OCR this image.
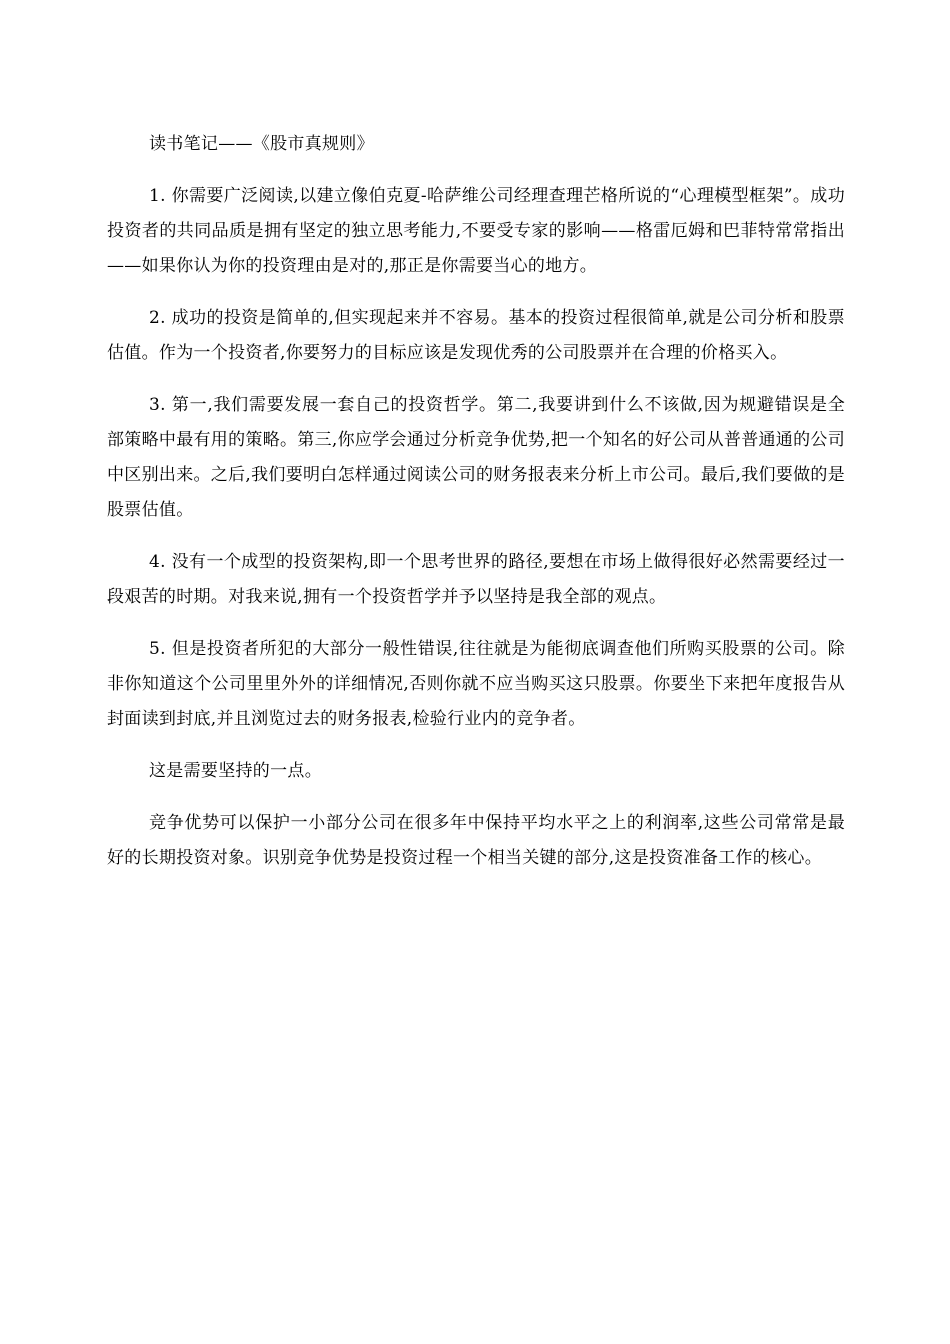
读书笔记——《股市真规则》

1. 你需要广泛阅读,以建立像伯克夏-哈萨维公司经理查理芒格所说的“心理模型框架”。成功投资者的共同品质是拥有坚定的独立思考能力,不要受专家的影响——格雷厄姆和巴菲特常常指出——如果你认为你的投资理由是对的,那正是你需要当心的地方。

2. 成功的投资是简单的,但实现起来并不容易。基本的投资过程很简单,就是公司分析和股票估值。作为一个投资者,你要努力的目标应该是发现优秀的公司股票并在合理的价格买入。

3. 第一,我们需要发展一套自己的投资哲学。第二,我要讲到什么不该做,因为规避错误是全部策略中最有用的策略。第三,你应学会通过分析竞争优势,把一个知名的好公司从普普通通的公司中区别出来。之后,我们要明白怎样通过阅读公司的财务报表来分析上市公司。最后,我们要做的是股票估值。

4. 没有一个成型的投资架构,即一个思考世界的路径,要想在市场上做得很好必然需要经过一段艰苦的时期。对我来说,拥有一个投资哲学并予以坚持是我全部的观点。

5. 但是投资者所犯的大部分一般性错误,往往就是为能彻底调查他们所购买股票的公司。除非你知道这个公司里里外外的详细情况,否则你就不应当购买这只股票。你要坐下来把年度报告从封面读到封底,并且浏览过去的财务报表,检验行业内的竞争者。

这是需要坚持的一点。

竞争优势可以保护一小部分公司在很多年中保持平均水平之上的利润率,这些公司常常是最好的长期投资对象。识别竞争优势是投资过程一个相当关键的部分,这是投资准备工作的核心。
